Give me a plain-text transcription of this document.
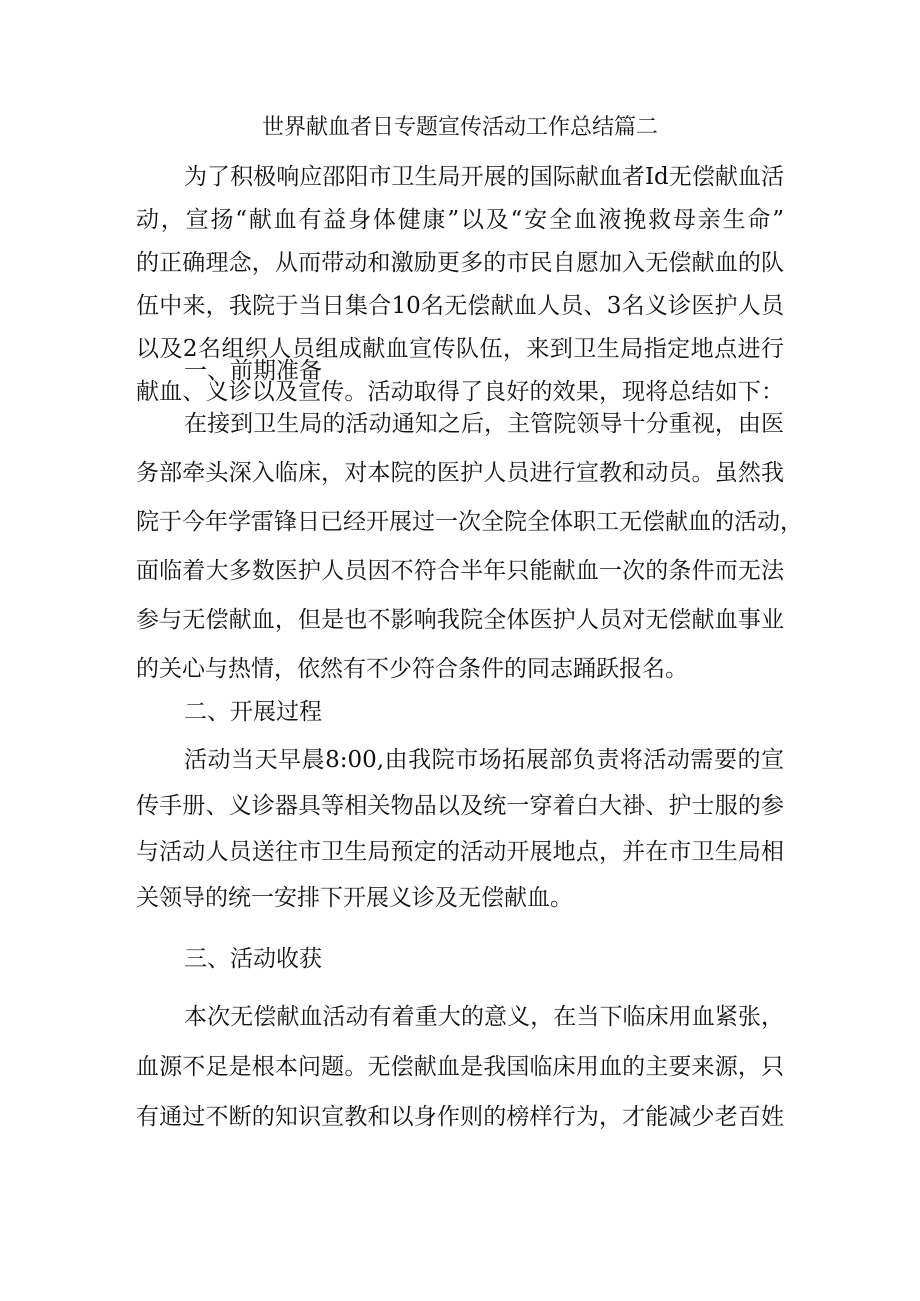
世界献血者日专题宣传活动工作总结篇二
为了积极响应邵阳市卫生局开展的国际献血者Id无偿献血活
动，宣扬“献血有益身体健康”以及“安全血液挽救母亲生命”
的正确理念，从而带动和激励更多的市民自愿加入无偿献血的队
伍中来，我院于当日集合10名无偿献血人员、3名义诊医护人员
以及2名组织人员组成献血宣传队伍，来到卫生局指定地点进行
献血、义诊以及宣传。活动取得了良好的效果，现将总结如下：
一、前期准备
在接到卫生局的活动通知之后，主管院领导十分重视，由医
务部牵头深入临床，对本院的医护人员进行宣教和动员。虽然我
院于今年学雷锋日已经开展过一次全院全体职工无偿献血的活动，
面临着大多数医护人员因不符合半年只能献血一次的条件而无法
参与无偿献血，但是也不影响我院全体医护人员对无偿献血事业
的关心与热情，依然有不少符合条件的同志踊跃报名。
二、开展过程
活动当天早晨8:00,由我院市场拓展部负责将活动需要的宣
传手册、义诊器具等相关物品以及统一穿着白大褂、护士服的参
与活动人员送往市卫生局预定的活动开展地点，并在市卫生局相
关领导的统一安排下开展义诊及无偿献血。
三、活动收获
本次无偿献血活动有着重大的意义，在当下临床用血紧张，
血源不足是根本问题。无偿献血是我国临床用血的主要来源，只
有通过不断的知识宣教和以身作则的榜样行为，才能减少老百姓
